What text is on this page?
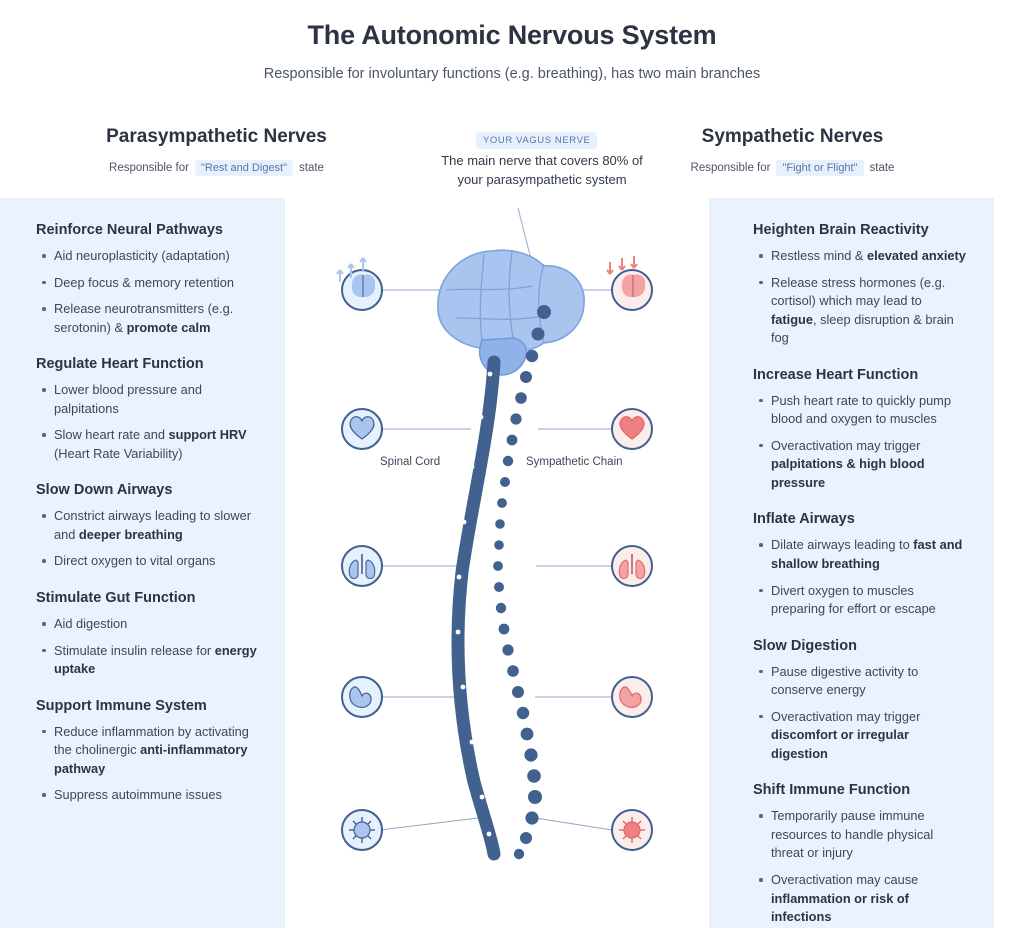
The Autonomic Nervous System
Responsible for involuntary functions (e.g. breathing), has two main branches
Parasympathetic Nerves
Responsible for	"Rest and Digest"	state
Sympathetic Nerves
Responsible for	"Fight or Flight"	state
Reinforce Neural Pathways
Aid neuroplasticity (adaptation)
Deep focus & memory retention
Release neurotransmitters (e.g. serotonin) & promote calm
Regulate Heart Function
Lower blood pressure and palpitations
Slow heart rate and support HRV (Heart Rate Variability)
Slow Down Airways
Constrict airways leading to slower and deeper breathing
Direct oxygen to vital organs
Stimulate Gut Function
Aid digestion
Stimulate insulin release for energy uptake
Support Immune System
Reduce inflammation by activating the cholinergic anti-inflammatory pathway
Suppress autoimmune issues
Heighten Brain Reactivity
Restless mind & elevated anxiety
Release stress hormones (e.g. cortisol) which may lead to fatigue, sleep disruption & brain fog
Increase Heart Function
Push heart rate to quickly pump blood and oxygen to muscles
Overactivation may trigger palpitations & high blood pressure
Inflate Airways
Dilate airways leading to fast and shallow breathing
Divert oxygen to muscles preparing for effort or escape
Slow Digestion
Pause digestive activity to conserve energy
Overactivation may trigger discomfort or irregular digestion
Shift Immune Function
Temporarily pause immune resources to handle physical threat or injury
Overactivation may cause inflammation or risk of infections
YOUR VAGUS NERVE
The main nerve that covers 80% of your parasympathetic system
Spinal Cord	Sympathetic Chain
